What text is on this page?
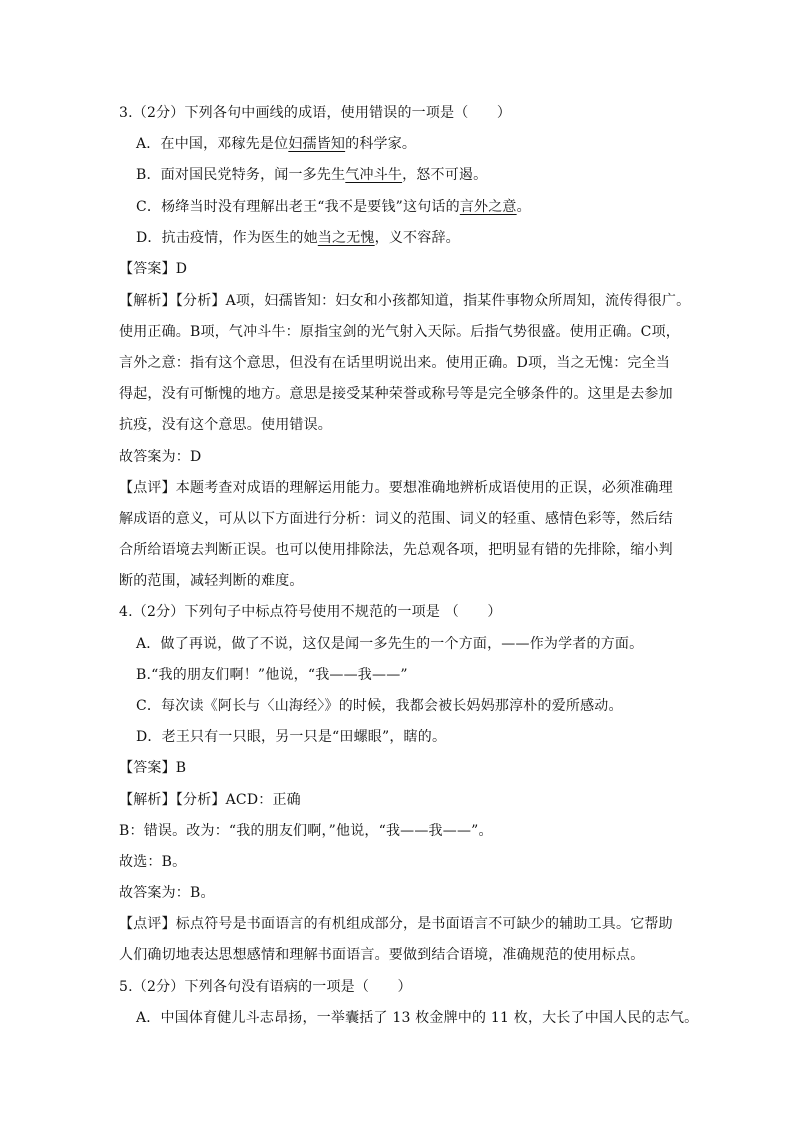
3.（2分）下列各句中画线的成语，使用错误的一项是（　　）
A．在中国，邓稼先是位妇孺皆知的科学家。
B．面对国民党特务，闻一多先生气冲斗牛，怒不可遏。
C．杨绛当时没有理解出老王“我不是要钱”这句话的言外之意。
D．抗击疫情，作为医生的她当之无愧，义不容辞。
【答案】D
【解析】【分析】A项，妇孺皆知：妇女和小孩都知道，指某件事物众所周知，流传得很广。
使用正确。B项，气冲斗牛：原指宝剑的光气射入天际。后指气势很盛。使用正确。C项，
言外之意：指有这个意思，但没有在话里明说出来。使用正确。D项，当之无愧：完全当
得起，没有可惭愧的地方。意思是接受某种荣誉或称号等是完全够条件的。这里是去参加
抗疫，没有这个意思。使用错误。
故答案为：D
【点评】本题考查对成语的理解运用能力。要想准确地辨析成语使用的正误，必须准确理
解成语的意义，可从以下方面进行分析：词义的范围、词义的轻重、感情色彩等，然后结
合所给语境去判断正误。也可以使用排除法，先总观各项，把明显有错的先排除，缩小判
断的范围，减轻判断的难度。
4.（2分）下列句子中标点符号使用不规范的一项是 （　　）
A．做了再说，做了不说，这仅是闻一多先生的一个方面，——作为学者的方面。
B.“我的朋友们啊！”他说，“我——我——”
C．每次读《阿长与〈山海经〉》的时候，我都会被长妈妈那淳朴的爱所感动。
D．老王只有一只眼，另一只是“田螺眼”，瞎的。
【答案】B
【解析】【分析】ACD：正确
B：错误。改为：“我的朋友们啊，”他说，“我——我——”。
故选：B。
故答案为：B。
【点评】标点符号是书面语言的有机组成部分，是书面语言不可缺少的辅助工具。它帮助
人们确切地表达思想感情和理解书面语言。要做到结合语境，准确规范的使用标点。
5.（2分）下列各句没有语病的一项是（　　）
A．中国体育健儿斗志昂扬，一举囊括了 13 枚金牌中的 11 枚，大长了中国人民的志气。
